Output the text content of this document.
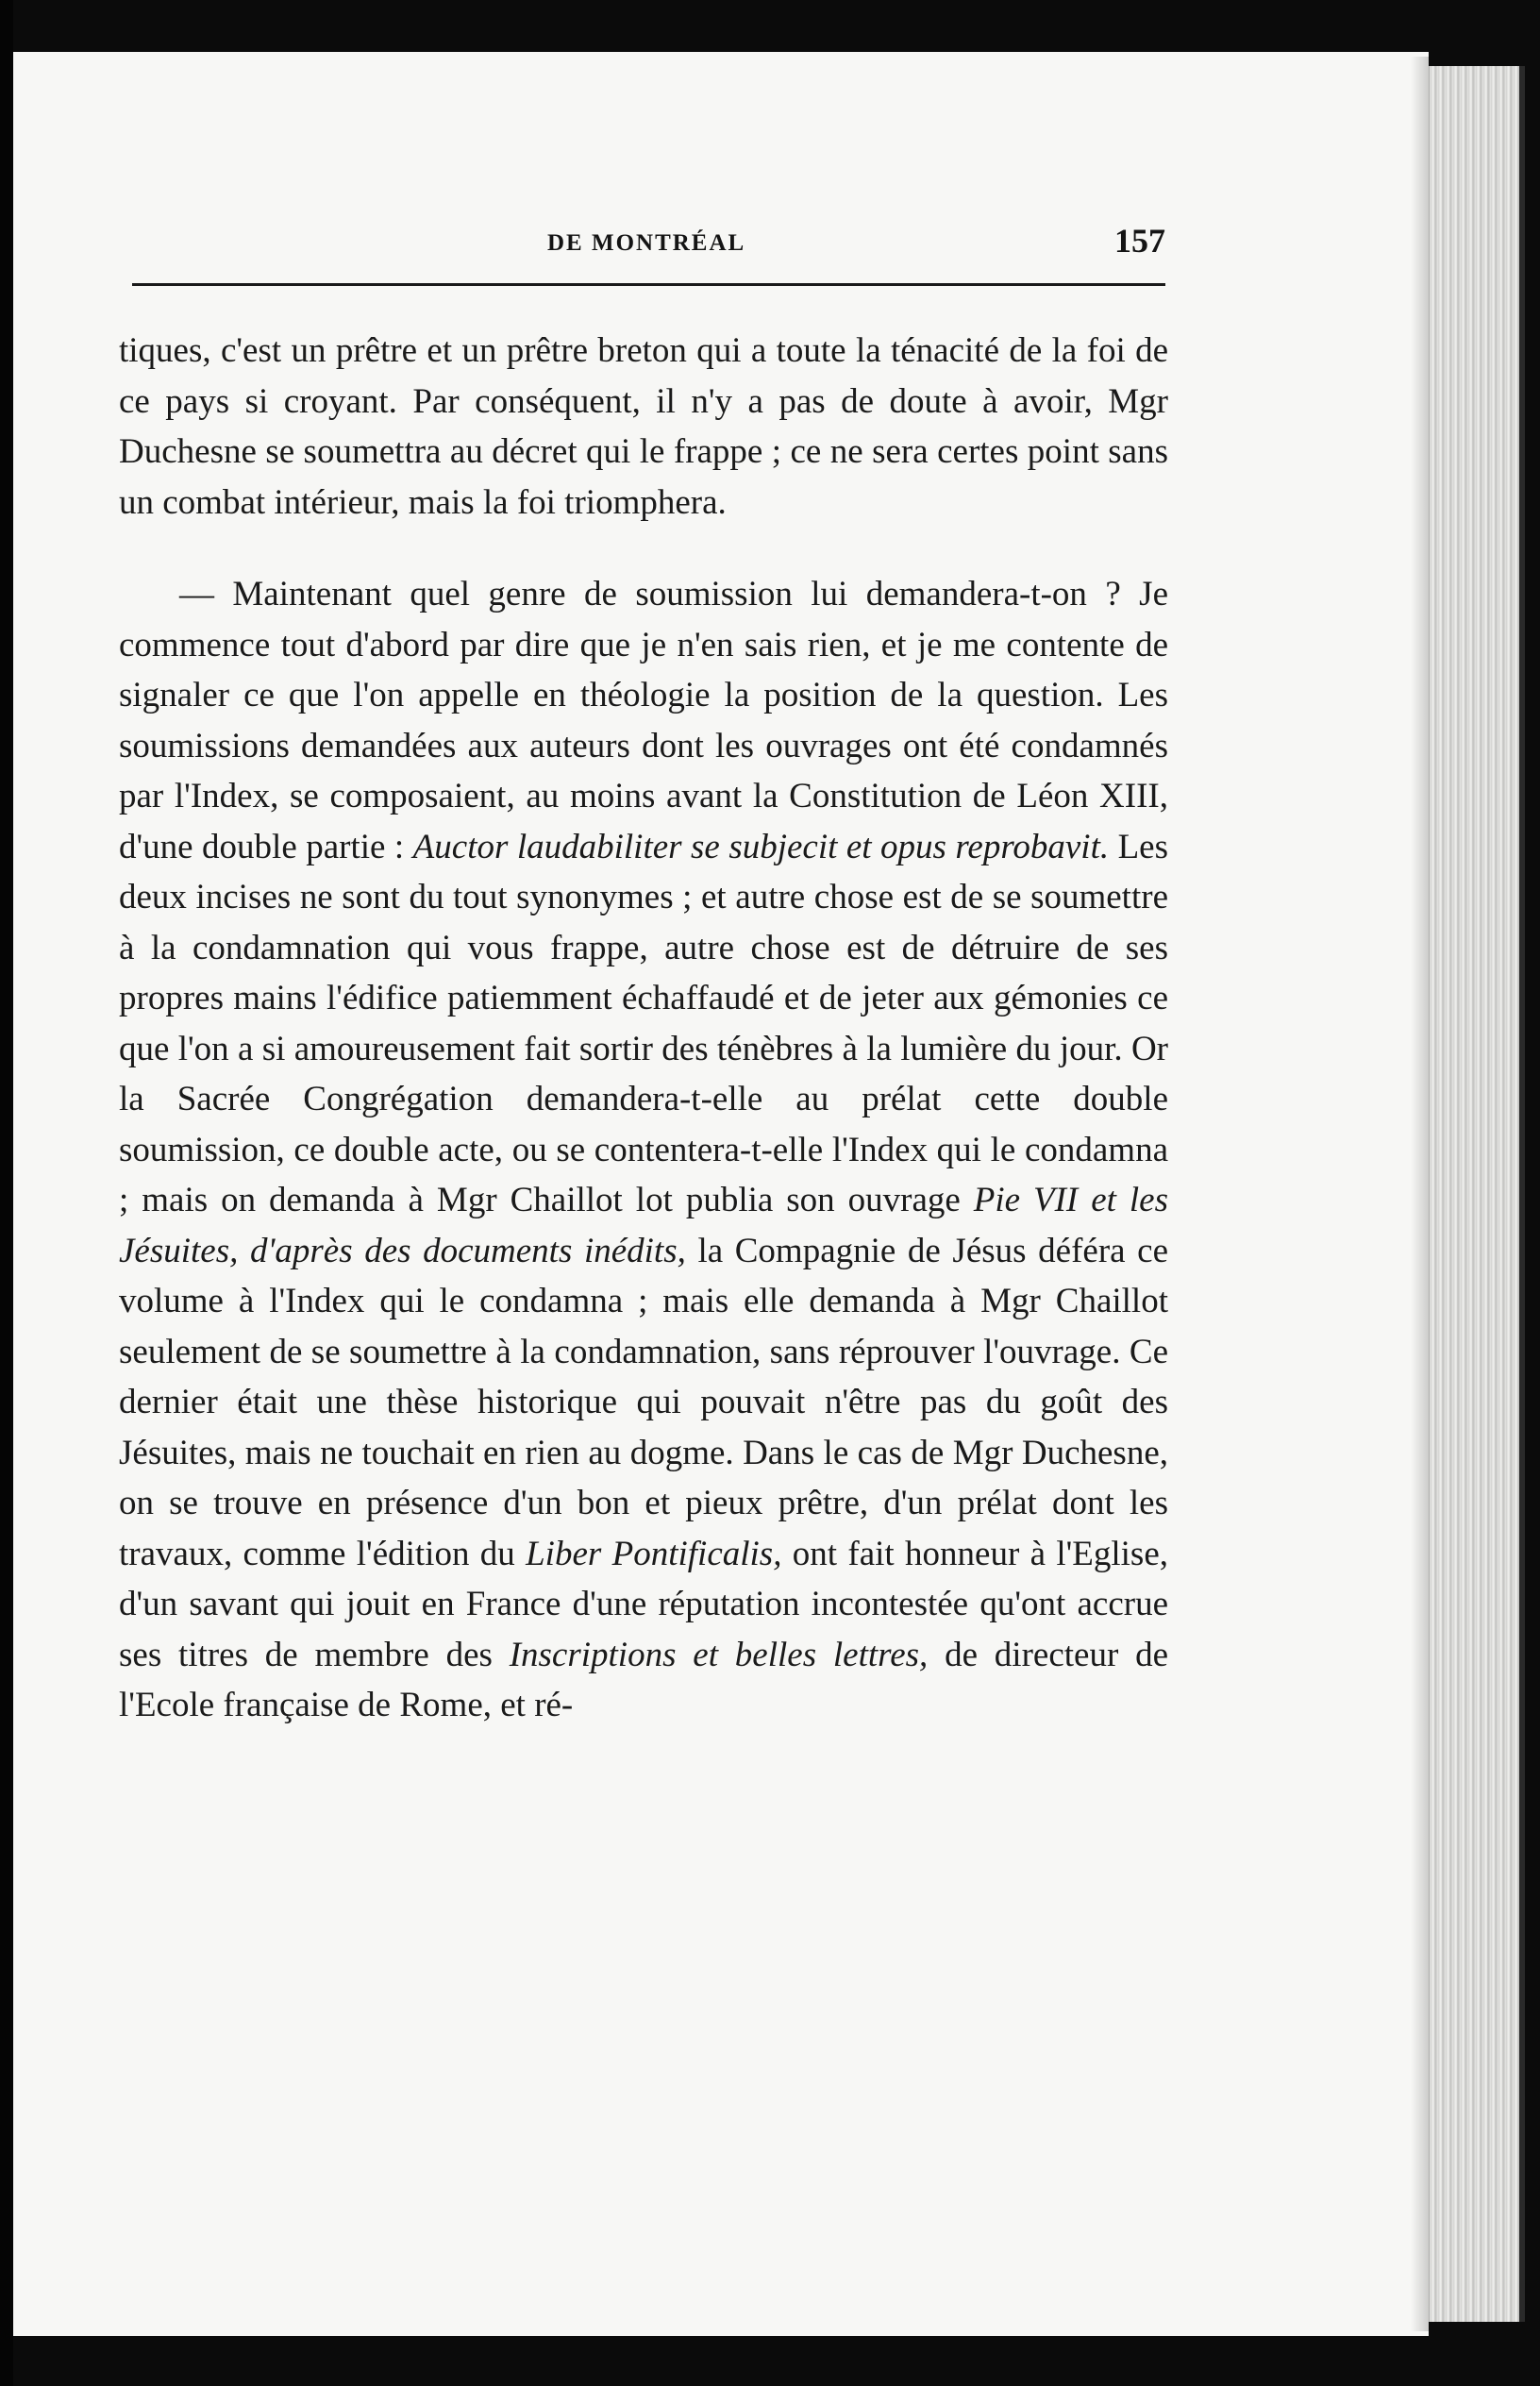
DE MONTRÉAL	157

tiques, c'est un prêtre et un prêtre breton qui a toute la ténacité de la foi de ce pays si croyant. Par conséquent, il n'y a pas de doute à avoir, Mgr Duchesne se soumettra au décret qui le frappe ; ce ne sera certes point sans un combat intérieur, mais la foi triomphera.

— Maintenant quel genre de soumission lui demandera-t-on ? Je commence tout d'abord par dire que je n'en sais rien, et je me contente de signaler ce que l'on appelle en théologie la position de la question. Les soumissions demandées aux auteurs dont les ouvrages ont été condamnés par l'Index, se composaient, au moins avant la Constitution de Léon XIII, d'une double partie : Auctor laudabiliter se subjecit et opus reprobavit. Les deux incises ne sont du tout synonymes ; et autre chose est de se soumettre à la condamnation qui vous frappe, autre chose est de détruire de ses propres mains l'édifice patiemment échaffaudé et de jeter aux gémonies ce que l'on a si amoureusement fait sortir des ténèbres à la lumière du jour. Or la Sacrée Congrégation demandera-t-elle au prélat cette double soumission, ce double acte, ou se contentera-t-elle l'Index qui le condamna ; mais on demanda à Mgr Chaillot lot publia son ouvrage Pie VII et les Jésuites, d'après des documents inédits, la Compagnie de Jésus déféra ce volume à l'Index qui le condamna ; mais elle demanda à Mgr Chaillot seulement de se soumettre à la condamnation, sans réprouver l'ouvrage. Ce dernier était une thèse historique qui pouvait n'être pas du goût des Jésuites, mais ne touchait en rien au dogme. Dans le cas de Mgr Duchesne, on se trouve en présence d'un bon et pieux prêtre, d'un prélat dont les travaux, comme l'édition du Liber Pontificalis, ont fait honneur à l'Eglise, d'un savant qui jouit en France d'une réputation incontestée qu'ont accrue ses titres de membre des Inscriptions et belles lettres, de directeur de l'Ecole française de Rome, et ré-
